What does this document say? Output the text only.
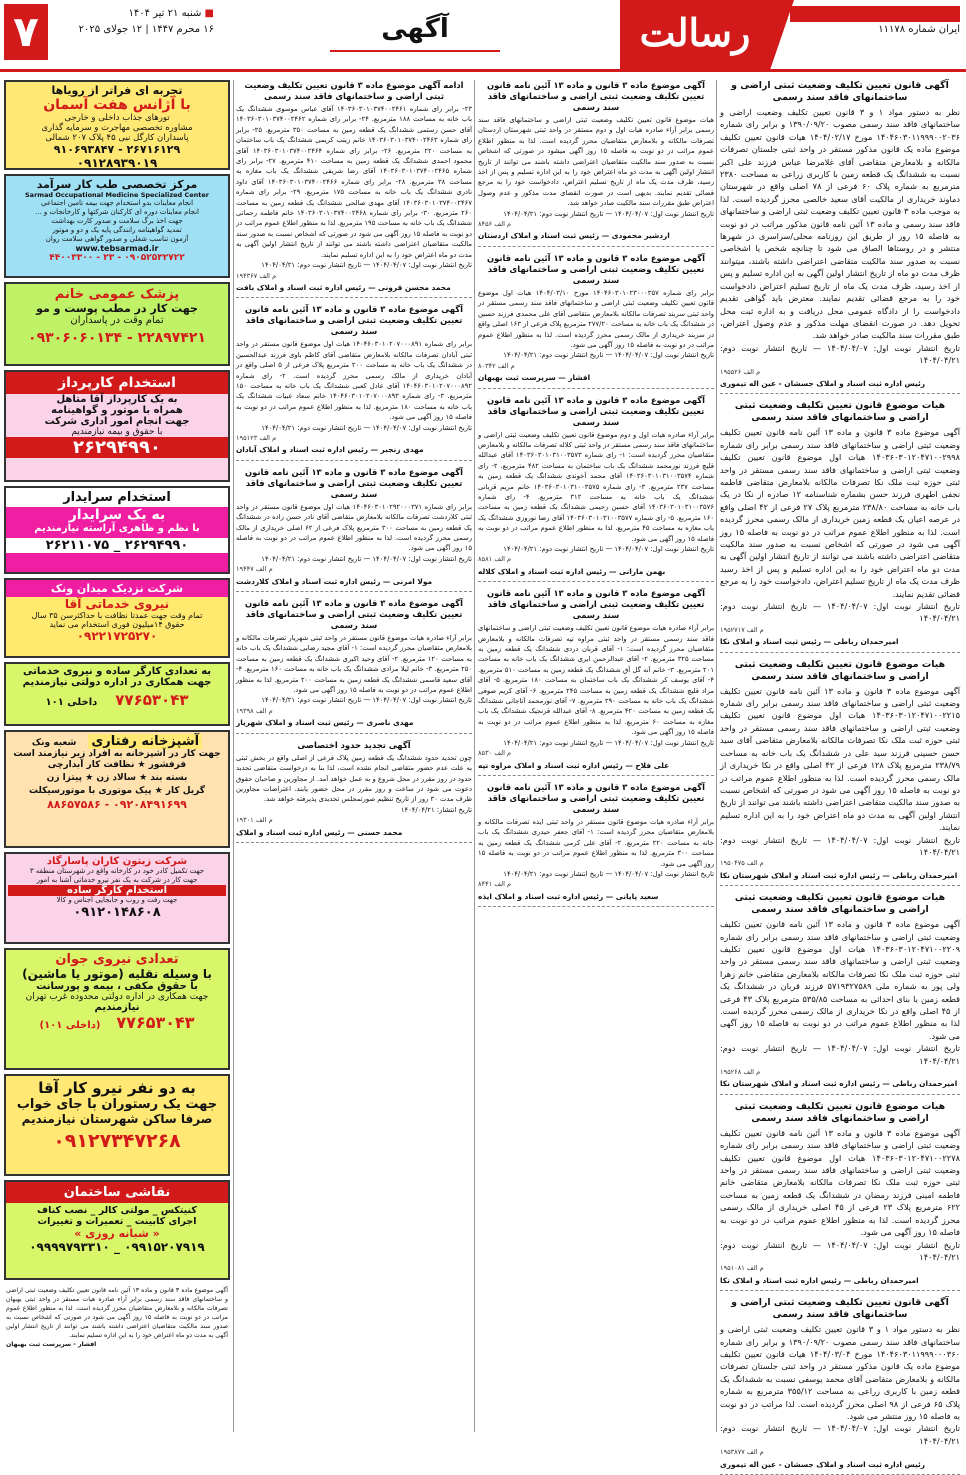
۷	■ شنبه ۲۱ تیر ۱۴۰۴
۱۶ محرم ۱۴۴۷ | ۱۲ جولای ۲۰۲۵	آگهی	رسالت	روزنامه سال چهلم
ایران شماره ۱۱۱۷۸
آگهی قانون تعیین تکلیف وضعیت ثبتی اراضی و ساختمانهای فاقد سند رسمی
نظر به دستور مواد ۱ و ۳ قانون تعیین تکلیف وضعیت اراضی و ساختمانهای فاقد سند رسمی مصوب ۱۳۹۰/۰۹/۲۰ و برابر رای شماره ۱۴۰۴۶۰۳۰۱۱۹۹۹۰۰۲۰۳۶ مورخ ۱۴۰۴/۰۲/۱۷ هیات قانون تعیین تکلیف موضوع ماده یک قانون مذکور مستقر در واحد ثبتی جلستان تصرفات مالکانه و بلامعارض متقاضی آقای غلامرضا عباس فرزند علی اکبر نسبت به ششدانگ یک قطعه زمین با کاربری زراعی به مساحت ۲۳۸۰ مترمربع به شماره پلاک ۶۰ فرعی از ۷۸ اصلی واقع در شهرستان دماوند خریداری از مالکیت آقای سعید خالصی محرز گردیده است. لذا به موجب ماده ۳ قانون تعیین تکلیف وضعیت ثبتی اراضی و ساختمانهای فاقد سند رسمی و ماده ۱۳ آئین نامه قانون مذکور مراتب در دو نوبت به فاصله ۱۵ روز از طریق این روزنامه محلی/سراسری در شهرها منتشر و در روستاها الصاق می شود تا چنانچه شخص یا اشخاصی نسبت به صدور سند مالکیت متقاضی اعتراضی داشته باشند، میتوانند ظرف مدت دو ماه از تاریخ انتشار اولین آگهی به این اداره تسلیم و پس از اخذ رسید، ظرف مدت یک ماه از تاریخ تسلیم اعتراض دادخواست خود را به مرجع قضائی تقدیم نمایند. معترض باید گواهی تقدیم دادخواست را از دادگاه عمومی محل دریافت و به اداره ثبت محل تحویل دهد. در صورت انقضای مهلت مذکور و عدم وصول اعتراض، طبق مقررات سند مالکیت صادر خواهد شد.
تاریخ انتشار نوبت اول: ۱۴۰۴/۰۴/۰۷ — تاریخ انتشار نوبت دوم: ۱۴۰۴/۰۴/۲۱
م الف ۱۹۵۵۲۶
رئیس اداره ثبت اسناد و املاک جسشان - عین اله تیموری
هیات موضوع قانون تعیین تکلیف وضعیت ثبتی اراضی و ساختمانهای فاقد سند رسمی
آگهی موضوع ماده ۳ قانون و ماده ۱۳ آئین نامه قانون تعیین تکلیف وضعیت ثبتی اراضی و ساختمانهای فاقد سند رسمی برابر رای شماره ۱۴۰۳۶۰۳۰۱۲۰۴۷۱۰۰۲۹۹۸ هیات اول موضوع قانون تعیین تکلیف وضعیت ثبتی اراضی و ساختمانهای فاقد سند رسمی مستقر در واحد ثبتی حوزه ثبت ملک نکا تصرفات مالکانه بلامعارض متقاضی فاطمه نجفی اطهری فرزند حسن بشماره شناسنامه ۱۲ صادره از نکا در یک باب خانه به مساحت ۲۳۸/۸۰ مترمربع پلاک ۲۷ فرعی از ۴۲ اصلی واقع در عرصه اعیان یک قطعه زمین خریداری از مالک رسمی محرز گردیده است. لذا به منظور اطلاع عموم مراتب در دو نوبت به فاصله ۱۵ روز آگهی می شود در صورتی که اشخاص نسبت به صدور سند مالکیت متقاضی اعتراضی داشته باشند می توانند از تاریخ انتشار اولین آگهی به مدت دو ماه اعتراض خود را به این اداره تسلیم و پس از اخذ رسید ظرف مدت یک ماه از تاریخ تسلیم اعتراض، دادخواست خود را به مرجع قضائی تقدیم نمایند.
تاریخ انتشار نوبت اول: ۱۴۰۴/۰۴/۰۷ — تاریخ انتشار نوبت دوم: ۱۴۰۴/۰۴/۲۱
م الف ۱۹۵۲۷۱۷
امیرحمدان رباطی — رئیس ثبت اسناد و املاک نکا
هیات موضوع قانون تعیین تکلیف وضعیت ثبتی اراضی و ساختمانهای فاقد سند رسمی
آگهی موضوع ماده ۳ قانون و ماده ۱۳ آئین نامه قانون تعیین تکلیف وضعیت ثبتی اراضی و ساختمانهای فاقد سند رسمی برابر رای شماره ۱۴۰۳۶۰۳۰۱۲۰۴۷۱۰۰۲۲۱۵ هیات اول موضوع قانون تعیین تکلیف وضعیت ثبتی اراضی و ساختمانهای فاقد سند رسمی مستقر در واحد ثبتی حوزه ثبت ملک نکا تصرفات مالکانه بلامعارض متقاضی آقای سید حسن حسینی فرزند سید علی در ششدانگ یک باب خانه به مساحت ۲۳۸/۷۹ مترمربع پلاک ۱۲۸ فرعی از ۴۲ اصلی واقع در نکا خریداری از مالک رسمی محرز گردیده است. لذا به منظور اطلاع عموم مراتب در دو نوبت به فاصله ۱۵ روز آگهی می شود در صورتی که اشخاص نسبت به صدور سند مالکیت متقاضی اعتراضی داشته باشند می توانند از تاریخ انتشار اولین آگهی به مدت دو ماه اعتراض خود را به این اداره تسلیم نمایند.
تاریخ انتشار نوبت اول: ۱۴۰۴/۰۴/۰۷ — تاریخ انتشار نوبت دوم: ۱۴۰۴/۰۴/۲۱
م الف ۱۹۵۰۴۷۵
امیرحمدان رباطی — رئیس اداره ثبت اسناد و املاک شهرستان نکا
هیات موضوع قانون تعیین تکلیف وضعیت ثبتی اراضی و ساختمانهای فاقد سند رسمی
آگهی موضوع ماده ۳ قانون و ماده ۱۳ آئین نامه قانون تعیین تکلیف وضعیت ثبتی اراضی و ساختمانهای فاقد سند رسمی برابر رای شماره ۱۴۰۳۶۰۳۰۱۲۰۴۷۱۰۰۲۲۰۹ هیات اول موضوع قانون تعیین تکلیف وضعیت ثبتی اراضی و ساختمانهای فاقد سند رسمی مستقر در واحد ثبتی حوزه ثبت ملک نکا تصرفات مالکانه بلامعارض متقاضی خانم زهرا ولی پور به شماره ملی ۵۷۱۹۳۲۷۵۸۹ فرزند قربان در ششدانگ یک قطعه زمین با بنای احداثی به مساحت ۵۳۵/۸۵ مترمربع پلاک ۴۳ فرعی از ۴۵ اصلی واقع در نکا خریداری از مالک رسمی محرز گردیده است. لذا به منظور اطلاع عموم مراتب در دو نوبت به فاصله ۱۵ روز آگهی می شود.
تاریخ انتشار نوبت اول: ۱۴۰۴/۰۴/۰۷ — تاریخ انتشار نوبت دوم: ۱۴۰۴/۰۴/۲۱
م الف ۱۹۵۲۶۸
امیرحمدان رباطی — رئیس اداره ثبت اسناد و املاک شهرستان نکا
هیات موضوع قانون تعیین تکلیف وضعیت ثبتی اراضی و ساختمانهای فاقد سند رسمی
آگهی موضوع ماده ۳ قانون و ماده ۱۳ آئین نامه قانون تعیین تکلیف وضعیت ثبتی اراضی و ساختمانهای فاقد سند رسمی برابر رای شماره ۱۴۰۳۶۰۳۰۱۲۰۴۷۱۰۰۲۲۷۸ هیات اول موضوع قانون تعیین تکلیف وضعیت ثبتی اراضی و ساختمانهای فاقد سند رسمی مستقر در واحد ثبتی حوزه ثبت ملک نکا تصرفات مالکانه بلامعارض متقاضی خانم فاطمه امینی فرزند رمضان در ششدانگ یک قطعه زمین به مساحت ۶۲۲ مترمربع پلاک ۲۳ فرعی از ۴۵ اصلی خریداری از مالک رسمی محرز گردیده است. لذا به منظور اطلاع عموم مراتب در دو نوبت به فاصله ۱۵ روز آگهی می شود.
تاریخ انتشار نوبت اول: ۱۴۰۴/۰۴/۰۷ — تاریخ انتشار نوبت دوم: ۱۴۰۴/۰۴/۲۱
م الف ۱۹۵۱۰۸۱
امیرحمدان رباطی — رئیس اداره ثبت اسناد و املاک نکا
آگهی قانون تعیین تکلیف وضعیت ثبتی اراضی و ساختمانهای فاقد سند رسمی
نظر به دستور مواد ۱ و ۳ قانون تعیین تکلیف وضعیت ثبتی اراضی و ساختمانهای فاقد سند رسمی مصوب ۱۳۹۰/۰۹/۲۰ و برابر رای شماره ۱۴۰۴۶۰۳۰۱۱۹۹۹۰۰۰۳۶۰ مورخ ۱۴۰۴/۰۳/۰۴ هیات قانون تعیین تکلیف موضوع ماده یک قانون مذکور مستقر در واحد ثبتی جلستان تصرفات مالکانه و بلامعارض متقاضی آقای محمد یوسفی نسبت به ششدانگ یک قطعه زمین با کاربری زراعی به مساحت ۳۵۵/۱۲ مترمربع به شماره پلاک ۶۵ فرعی از ۹۸ اصلی محرز گردیده است. لذا مراتب در دو نوبت به فاصله ۱۵ روز منتشر می شود.
تاریخ انتشار نوبت اول: ۱۴۰۴/۰۴/۰۷ — تاریخ انتشار نوبت دوم: ۱۴۰۴/۰۴/۲۱
م الف ۱۹۵۳۸۷۷
رئیس اداره ثبت اسناد و املاک جسشان - عین اله تیموری
آگهی موضوع ماده ۳ قانون و ماده ۱۳ آئین نامه قانون تعیین تکلیف وضعیت ثبتی اراضی و ساختمانهای فاقد سند رسمی
هیات موضوع قانون تعیین تکلیف وضعیت ثبتی اراضی و ساختمانهای فاقد سند رسمی برابر آراء صادره هیات اول و دوم مستقر در واحد ثبتی شهرستان اردستان تصرفات مالکانه و بلامعارض متقاضیان محرز گردیده است. لذا به منظور اطلاع عموم مراتب در دو نوبت به فاصله ۱۵ روز آگهی میشود در صورتی که اشخاص نسبت به صدور سند مالکیت متقاضیان اعتراضی داشته باشند می توانند از تاریخ انتشار اولین آگهی به مدت دو ماه اعتراض خود را به این اداره تسلیم و پس از اخذ رسید، ظرف مدت یک ماه از تاریخ تسلیم اعتراض، دادخواست خود را به مرجع قضائی تقدیم نمایند. بدیهی است در صورت انقضای مدت مذکور و عدم وصول اعتراض طبق مقررات سند مالکیت صادر خواهد شد.
تاریخ انتشار نوبت اول: ۱۴۰۴/۰۴/۰۷ — تاریخ انتشار نوبت دوم: ۱۴۰۴/۰۴/۲۱
م الف ۸۴۵۶
اردشیر محمودی — رئیس ثبت اسناد و املاک اردستان
آگهی موضوع ماده ۳ قانون و ماده ۱۳ آئین نامه قانون تعیین تکلیف وضعیت ثبتی اراضی و ساختمانهای فاقد سند رسمی
برابر رای شماره ۱۴۰۴۶۰۳۰۱۰۲۳۰۰۰۳۵۷ مورخ ۱۴۰۴/۰۳/۱۰ هیات اول موضوع قانون تعیین تکلیف وضعیت ثبتی اراضی و ساختمانهای فاقد سند رسمی مستقر در واحد ثبتی سربند تصرفات مالکانه بلامعارض متقاضی آقای علی محمدی فرزند حسین در ششدانگ یک باب خانه به مساحت ۲۷۷/۲۰ مترمربع پلاک فرعی از ۱۶۳ اصلی واقع در سربند خریداری از مالک رسمی محرز گردیده است. لذا به منظور اطلاع عموم مراتب در دو نوبت به فاصله ۱۵ روز آگهی می شود.
تاریخ انتشار نوبت اول: ۱۴۰۴/۰۴/۰۷ — تاریخ انتشار نوبت دوم: ۱۴۰۴/۰۴/۲۱
م الف ۸۰۳۴۲
افشار — سرپرست ثبت بهبهان
آگهی موضوع ماده ۳ قانون و ماده ۱۳ آئین نامه قانون تعیین تکلیف وضعیت ثبتی اراضی و ساختمانهای فاقد سند رسمی
برابر آراء صادره هیات اول و دوم موضوع قانون تعیین تکلیف وضعیت ثبتی اراضی و ساختمانهای فاقد سند رسمی مستقر در واحد ثبتی کلاله تصرفات مالکانه و بلامعارض متقاضیان محرز گردیده است: ۱- رای شماره ۱۴۰۳۶۰۳۰۱۰۳۱۰۰۳۵۷۳ آقای عبدالله قلیچ فرزند نورمحمد ششدانگ یک باب ساختمان به مساحت ۴۸۲ مترمربع. ۲- رای شماره ۱۴۰۳۶۰۳۰۱۰۳۱۰۰۳۵۷۴ آقای محمد آخوندی ششدانگ یک قطعه زمین به مساحت ۲۳۷ مترمربع. ۳- رای شماره ۱۴۰۳۶۰۳۰۱۰۳۱۰۰۳۵۷۵ خانم مریم قربانی ششدانگ یک باب خانه به مساحت ۳۱۲ مترمربع. ۴- رای شماره ۱۴۰۳۶۰۳۰۱۰۳۱۰۰۳۵۷۶ آقای حسین رحیمی ششدانگ یک قطعه زمین به مساحت ۱۶۰ مترمربع. ۵- رای شماره ۱۴۰۳۶۰۳۰۱۰۳۱۰۰۳۵۷۷ آقای رضا نوروزی ششدانگ یک باب مغازه به مساحت ۴۵ مترمربع. لذا به منظور اطلاع عموم مراتب در دو نوبت به فاصله ۱۵ روز آگهی می شود.
تاریخ انتشار نوبت اول: ۱۴۰۴/۰۴/۰۷ — تاریخ انتشار نوبت دوم: ۱۴۰۴/۰۴/۲۱
م الف ۸۵۸۱
بهمن مارانی — رئیس اداره ثبت اسناد و املاک کلاله
آگهی موضوع ماده ۳ قانون و ماده ۱۳ آئین نامه قانون تعیین تکلیف وضعیت ثبتی اراضی و ساختمانهای فاقد سند رسمی
برابر آراء صادره هیات موضوع قانون تعیین تکلیف وضعیت ثبتی اراضی و ساختمانهای فاقد سند رسمی مستقر در واحد ثبتی مراوه تپه تصرفات مالکانه و بلامعارض متقاضیان محرز گردیده است: ۱- آقای قربان دردی ششدانگ یک قطعه زمین به مساحت ۳۲۵ مترمربع. ۲- آقای عبدالرحمن ایری ششدانگ یک باب خانه به مساحت ۲۰۱ مترمربع. ۳- خانم آنه گل آق ششدانگ یک قطعه زمین به مساحت ۵۱۰ مترمربع. ۴- آقای یوسف کر ششدانگ یک باب ساختمان به مساحت ۱۸۰ مترمربع. ۵- آقای مراد قلیچ ششدانگ یک قطعه زمین به مساحت ۲۴۵ مترمربع. ۶- آقای کریم صوفی ششدانگ یک باب خانه به مساحت ۲۹۰ مترمربع. ۷- آقای نورمحمد آتاجانی ششدانگ یک قطعه زمین به مساحت ۴۲۰ مترمربع. ۸- آقای عبدالله قرنجیک ششدانگ یک باب مغازه به مساحت ۶۰ مترمربع. لذا به منظور اطلاع عموم مراتب در دو نوبت به فاصله ۱۵ روز آگهی می شود.
تاریخ انتشار نوبت اول: ۱۴۰۴/۰۴/۰۷ — تاریخ انتشار نوبت دوم: ۱۴۰۴/۰۴/۲۱
م الف ۸۵۳۰
علی فلاح — رئیس اداره ثبت اسناد و املاک مراوه تپه
آگهی موضوع ماده ۳ قانون و ماده ۱۳ آئین نامه قانون تعیین تکلیف وضعیت ثبتی اراضی و ساختمانهای فاقد سند رسمی
برابر آراء صادره هیات موضوع قانون مستقر در واحد ثبتی ایذه تصرفات مالکانه و بلامعارض متقاضیان محرز گردیده است: ۱- آقای جعفر حیدری ششدانگ یک باب خانه به مساحت ۲۲۰ مترمربع. ۲- آقای علی کرمی ششدانگ یک قطعه زمین به مساحت ۳۰۰ مترمربع. لذا به منظور اطلاع عموم مراتب در دو نوبت به فاصله ۱۵ روز آگهی می شود.
تاریخ انتشار نوبت اول: ۱۴۰۴/۰۴/۰۷ — تاریخ انتشار نوبت دوم: ۱۴۰۴/۰۴/۲۱
م الف ۸۴۴۱
سعید پایانی — رئیس اداره ثبت اسناد و املاک ایذه
ادامه آگهی موضوع ماده ۳ قانون تعیین تکلیف وضعیت ثبتی اراضی و ساختمانهای فاقد سند رسمی
۲۳- برابر رای شماره ۱۴۰۳۶۰۳۰۱۰۳۷۴۰۰۲۴۶۱ آقای عباس موسوی ششدانگ یک باب خانه به مساحت ۱۸۸ مترمربع. ۲۴- برابر رای شماره ۱۴۰۳۶۰۳۰۱۰۳۷۴۰۰۲۴۶۲ آقای حسن رستمی ششدانگ یک قطعه زمین به مساحت ۳۵۰ مترمربع. ۲۵- برابر رای شماره ۱۴۰۳۶۰۳۰۱۰۳۷۴۰۰۲۴۶۳ خانم زینب کریمی ششدانگ یک باب ساختمان به مساحت ۲۲۰ مترمربع. ۲۶- برابر رای شماره ۱۴۰۳۶۰۳۰۱۰۳۷۴۰۰۲۴۶۴ آقای محمود احمدی ششدانگ یک قطعه زمین به مساحت ۴۱۰ مترمربع. ۲۷- برابر رای شماره ۱۴۰۳۶۰۳۰۱۰۳۷۴۰۰۲۴۶۵ آقای رضا شریفی ششدانگ یک باب مغازه به مساحت ۳۸ مترمربع. ۲۸- برابر رای شماره ۱۴۰۳۶۰۳۰۱۰۳۷۴۰۰۲۴۶۶ آقای داود نادری ششدانگ یک باب خانه به مساحت ۱۷۵ مترمربع. ۲۹- برابر رای شماره ۱۴۰۳۶۰۳۰۱۰۳۷۴۰۰۲۴۶۷ آقای مهدی صالحی ششدانگ یک قطعه زمین به مساحت ۲۶۰ مترمربع. ۳۰- برابر رای شماره ۱۴۰۳۶۰۳۰۱۰۳۷۴۰۰۲۴۶۸ خانم فاطمه رحمانی ششدانگ یک باب خانه به مساحت ۱۹۵ مترمربع. لذا به منظور اطلاع عموم مراتب در دو نوبت به فاصله ۱۵ روز آگهی می شود در صورتی که اشخاص نسبت به صدور سند مالکیت متقاضیان اعتراضی داشته باشند می توانند از تاریخ انتشار اولین آگهی به مدت دو ماه اعتراض خود را به این اداره تسلیم نمایند.
تاریخ انتشار نوبت اول: ۱۴۰۴/۰۴/۰۷ — تاریخ انتشار نوبت دوم: ۱۴۰۴/۰۴/۲۱
م الف ۱۹۴۳۶۷
محمد محسن قرونی — رئیس اداره ثبت اسناد و املاک بافت
آگهی موضوع ماده ۳ قانون و ماده ۱۳ آئین نامه قانون تعیین تکلیف وضعیت ثبتی اراضی و ساختمانهای فاقد سند رسمی
برابر رای شماره ۱۴۰۴۶۰۳۰۱۰۲۰۷۰۰۰۸۹۱ هیات اول موضوع قانون مستقر در واحد ثبتی آبادان تصرفات مالکانه بلامعارض متقاضی آقای کاظم باوی فرزند عبدالحسین در ششدانگ یک باب خانه به مساحت ۲۰۰ مترمربع پلاک فرعی از ۵ اصلی واقع در آبادان خریداری از مالک رسمی محرز گردیده است. ۲- رای شماره ۱۴۰۴۶۰۳۰۱۰۲۰۷۰۰۰۸۹۲ آقای عادل کعبی ششدانگ یک باب خانه به مساحت ۱۵۰ مترمربع. ۳- رای شماره ۱۴۰۴۶۰۳۰۱۰۲۰۷۰۰۰۸۹۳ خانم سعاد عبیات ششدانگ یک باب خانه به مساحت ۱۸۰ مترمربع. لذا به منظور اطلاع عموم مراتب در دو نوبت به فاصله ۱۵ روز آگهی می شود.
تاریخ انتشار نوبت اول: ۱۴۰۴/۰۴/۰۷ — تاریخ انتشار نوبت دوم: ۱۴۰۴/۰۴/۲۱
م الف ۱۹۵۱۲۳
مهدی زنجبر — رئیس اداره ثبت اسناد و املاک آبادان
آگهی موضوع ماده ۳ قانون و ماده ۱۳ آئین نامه قانون تعیین تکلیف وضعیت ثبتی اراضی و ساختمانهای فاقد سند رسمی
برابر رای شماره ۱۴۰۴۶۰۳۰۱۰۲۹۲۰۰۰۳۷۱ هیات اول موضوع قانون مستقر در واحد ثبتی کلاردشت تصرفات مالکانه بلامعارض متقاضی آقای نادر حسن زاده در ششدانگ یک قطعه زمین به مساحت ۳۰۰ مترمربع پلاک فرعی از ۶۲ اصلی خریداری از مالک رسمی محرز گردیده است. لذا به منظور اطلاع عموم مراتب در دو نوبت به فاصله ۱۵ روز آگهی می شود.
تاریخ انتشار نوبت اول: ۱۴۰۴/۰۴/۰۷ — تاریخ انتشار نوبت دوم: ۱۴۰۴/۰۴/۲۱
م الف ۱۹۴۴۷
مولا امرنی — رئیس اداره ثبت اسناد و املاک کلاردشت
آگهی موضوع ماده ۳ قانون و ماده ۱۳ آئین نامه قانون تعیین تکلیف وضعیت ثبتی اراضی و ساختمانهای فاقد سند رسمی
برابر آراء صادره هیات موضوع قانون مستقر در واحد ثبتی شهریار تصرفات مالکانه و بلامعارض متقاضیان محرز گردیده است: ۱- آقای مجید رضایی ششدانگ یک باب خانه به مساحت ۱۲۰ مترمربع. ۲- آقای وحید اکبری ششدانگ یک قطعه زمین به مساحت ۲۵۰ مترمربع. ۳- خانم لیلا مرادی ششدانگ یک باب خانه به مساحت ۱۶۰ مترمربع. ۴- آقای سعید قاسمی ششدانگ یک قطعه زمین به مساحت ۲۰۰ مترمربع. لذا به منظور اطلاع عموم مراتب در دو نوبت به فاصله ۱۵ روز آگهی می شود.
تاریخ انتشار نوبت اول: ۱۴۰۴/۰۴/۰۷ — تاریخ انتشار نوبت دوم: ۱۴۰۴/۰۴/۲۱
م الف ۱۹۳۹۸
مهدی ناصری — رئیس ثبت اسناد و املاک شهریار
آگهی تجدید حدود اختصاصی
چون تحدید حدود ششدانگ یک قطعه زمین پلاک فرعی از اصلی واقع در بخش ثبتی به علت عدم حضور متقاضی انجام نشده است، لذا بنا به درخواست متقاضی تحدید حدود در روز مقرر در محل شروع و به عمل خواهد آمد. از مجاورین و صاحبان حقوق دعوت می شود در ساعت و روز مقرر در محل حضور یابند. اعتراضات مجاورین ظرف مدت ۳۰ روز از تاریخ تنظیم صورتمجلس تحدیدی پذیرفته خواهد شد.
تاریخ انتشار: ۱۴۰۴/۰۴/۲۱
م الف ۱۹۳۰۱
محمد حسنی — رئیس اداره ثبت اسناد و املاک
تجربه ای فراتر از رویاها
با آژانس هفت آسمان
تورهای جذاب داخلی و خارجی
مشاوره تخصصی مهاجرت و سرمایه گذاری
پاسداران کارگل نبی ۴۵ پلاک ۲۰۷ شمالی
۲۶۷۱۶۱۲۹ - ۹۱۰۶۹۳۸۴۷
۰۹۱۲۸۹۳۹۰۱۹
مرکز تخصصی طب کار سرآمد
Sarmad Occupational Medicine Specialized Center
انجام معاینات بدو استخدام جهت بیمه تامین اجتماعی
انجام معاینات دوره ای کارکنان شرکتها و کارخانجات و ...
جهت اخذ برگ سلامت و صدور کارت بهداشت
تمدید گواهینامه رانندگی پایه یک و دو و موتور
آزمون تناسب شغلی و صدور گواهی سلامت روان
www.tebsarmad.ir
۰۹۰۵۲۵۳۲۷۲۲ - ۲۳ - ۴۴۰۰۳۳۰۰
پزشک عمومی خانم
جهت کار در مطب پوست و مو
تمام وقت در پاسداران
۲۲۸۹۷۴۲۱ - ۰۹۳۰۶۰۶۰۱۳۴
استخدام کارپرداز
به یک کارپرداز آقا متاهل
همراه با موتور و گواهینامه
جهت انجام امور اداری شرکت
با حقوق و بیمه نیازمندیم
۲۶۲۹۴۹۹۰
استخدام سرایدار
به یک سرایدار
با نظم و ظاهری آراسته نیازمندیم
۲۶۲۹۴۹۹۰ _ ۲۶۲۱۱۰۷۵
شرکت نزدیک میدان ونک
نیروی خدماتی آقا
تمام وقت جهت عمدتا نظافت با حداکثرسن ۳۵ سال
حقوق ۱۴میلیون فوری استخدام می نماید
۰۹۲۲۱۷۲۵۲۷۰
به تعدادی کارگر ساده و نیروی خدماتی
جهت همکاری در اداره دولتی نیازمندیم
۷۷۶۵۳۰۴۳
داخلی ۱۰۱
آشپزخانه رفتاری
شعبه ونک
جهت کار در آشپزخانه به افراد زیر نیازمند است
فرفشور ★ نظافت کار آبدارچی
بسته بند ★ سالاد زن ★ پیتزا زن
گریل کار ★ پیک موتوری با موتورسیکلت
۰۹۲۰۸۴۹۱۶۹۹ - ۸۸۶۵۷۵۸۶
شرکت زیتون کاران پاسارگاد
جهت تکمیل کادر خود در کارخانه واقع در شهرستان منطقه ۳
جهت کار در شرکت به یک نفر نیرو خدماتی آشنا به امور
استخدام کارگر ساده
جهت رفت و روب و جابجایی اجناس و کالا
۰۹۱۲۰۱۴۸۶۰۸
تعدادی نیروی جوان
با وسیله نقلیه (موتور یا ماشین)
با حقوق مکفی ، بیمه و پورسانت
جهت همکاری در اداره دولتی محدوده غرب تهران
نیازمندیم
۷۷۶۵۳۰۴۳
(داخلی ۱۰۱)
به دو نفر نیرو کار آقا
جهت یک رستوران با جای خواب
صرفا ساکن شهرستان نیازمندیم
۰۹۱۲۷۳۴۷۲۶۸
نقاشی ساختمان
کنیتکس _ مولتی کالر _ نصب کناف
اجرای کابینت _ تعمیرات و تغییرات
« شبانه روزی »
۰۹۹۱۵۲۰۷۹۱۹ _ ۰۹۹۹۹۷۹۳۳۱۰
آگهی موضوع ماده ۳ قانون و ماده ۱۳ آئین نامه قانون تعیین تکلیف وضعیت ثبتی اراضی و ساختمانهای فاقد سند رسمی برابر آراء صادره هیات مستقر در واحد ثبتی بهبهان تصرفات مالکانه و بلامعارض متقاضیان محرز گردیده است. لذا به منظور اطلاع عموم مراتب در دو نوبت به فاصله ۱۵ روز آگهی می شود در صورتی که اشخاص نسبت به صدور سند مالکیت متقاضیان اعتراضی داشته باشند می توانند از تاریخ انتشار اولین آگهی به مدت دو ماه اعتراض خود را به این اداره تسلیم نمایند.
افشار - سرپرست ثبت بهبهان
